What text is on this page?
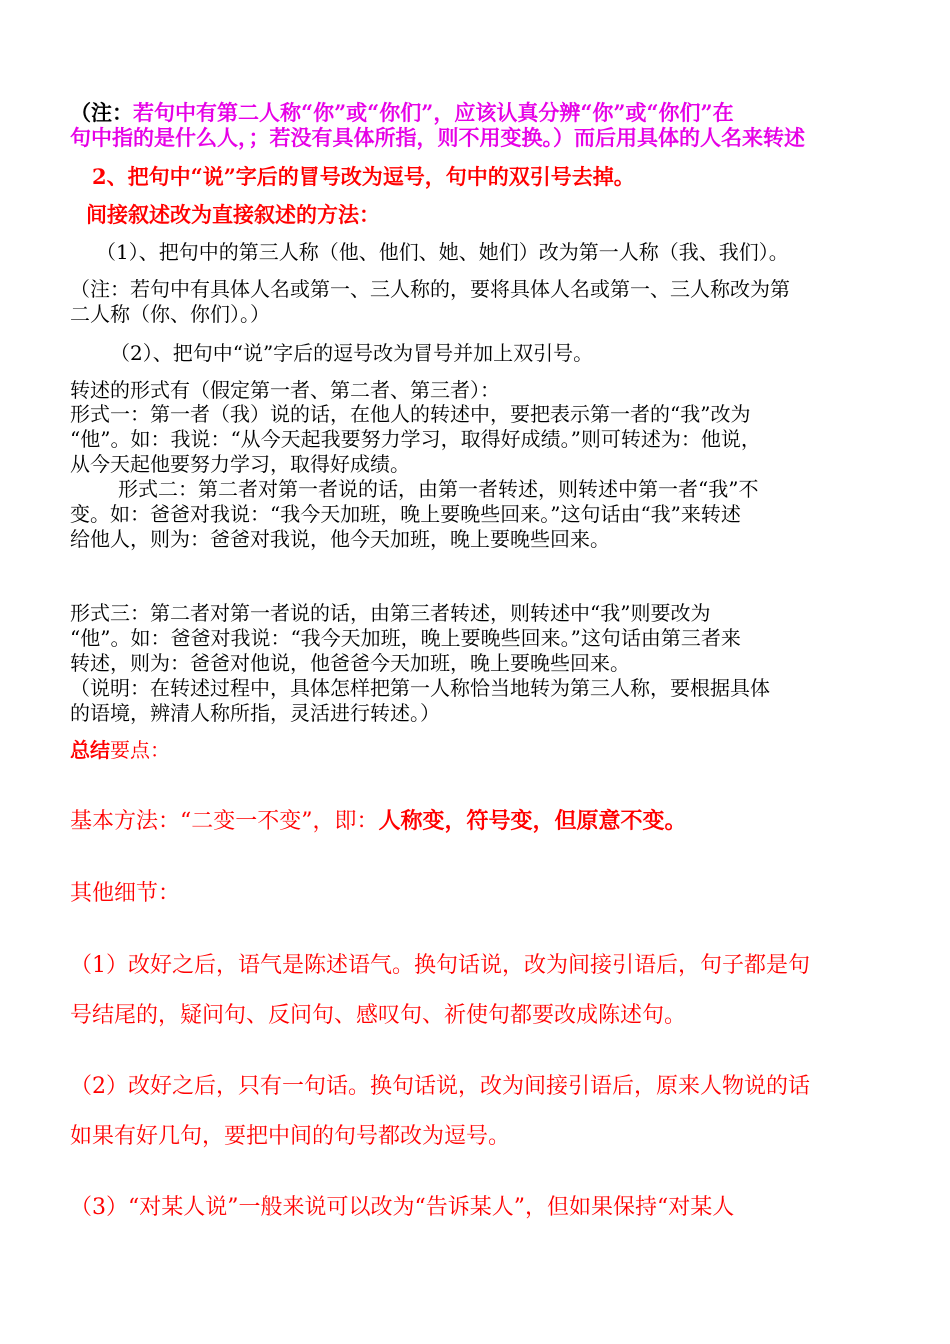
（注：若句中有第二人称“你”或“你们”，应该认真分辨“你”或“你们”在
句中指的是什么人，；若没有具体所指，则不用变换。）而后用具体的人名来转述
2、把句中“说”字后的冒号改为逗号，句中的双引号去掉。
间接叙述改为直接叙述的方法：
（1）、把句中的第三人称（他、他们、她、她们）改为第一人称（我、我们）。
（注：若句中有具体人名或第一、三人称的，要将具体人名或第一、三人称改为第
二人称（你、你们）。）
（2）、把句中“说”字后的逗号改为冒号并加上双引号。
转述的形式有（假定第一者、第二者、第三者）：
形式一：第一者（我）说的话，在他人的转述中，要把表示第一者的“我”改为
“他”。如：我说：“从今天起我要努力学习，取得好成绩。”则可转述为：他说，
从今天起他要努力学习，取得好成绩。
形式二：第二者对第一者说的话，由第一者转述，则转述中第一者“我”不
变。如：爸爸对我说：“我今天加班，晚上要晚些回来。”这句话由“我”来转述
给他人，则为：爸爸对我说，他今天加班，晚上要晚些回来。
形式三：第二者对第一者说的话，由第三者转述，则转述中“我”则要改为
“他”。如：爸爸对我说：“我今天加班，晚上要晚些回来。”这句话由第三者来
转述，则为：爸爸对他说，他爸爸今天加班，晚上要晚些回来。
（说明：在转述过程中，具体怎样把第一人称恰当地转为第三人称，要根据具体
的语境，辨清人称所指，灵活进行转述。）
总结要点：
基本方法：“二变一不变”，即：人称变，符号变，但原意不变。
其他细节：
（1）改好之后，语气是陈述语气。换句话说，改为间接引语后，句子都是句
号结尾的，疑问句、反问句、感叹句、祈使句都要改成陈述句。
（2）改好之后，只有一句话。换句话说，改为间接引语后，原来人物说的话
如果有好几句，要把中间的句号都改为逗号。
（3）“对某人说”一般来说可以改为“告诉某人”，但如果保持“对某人
